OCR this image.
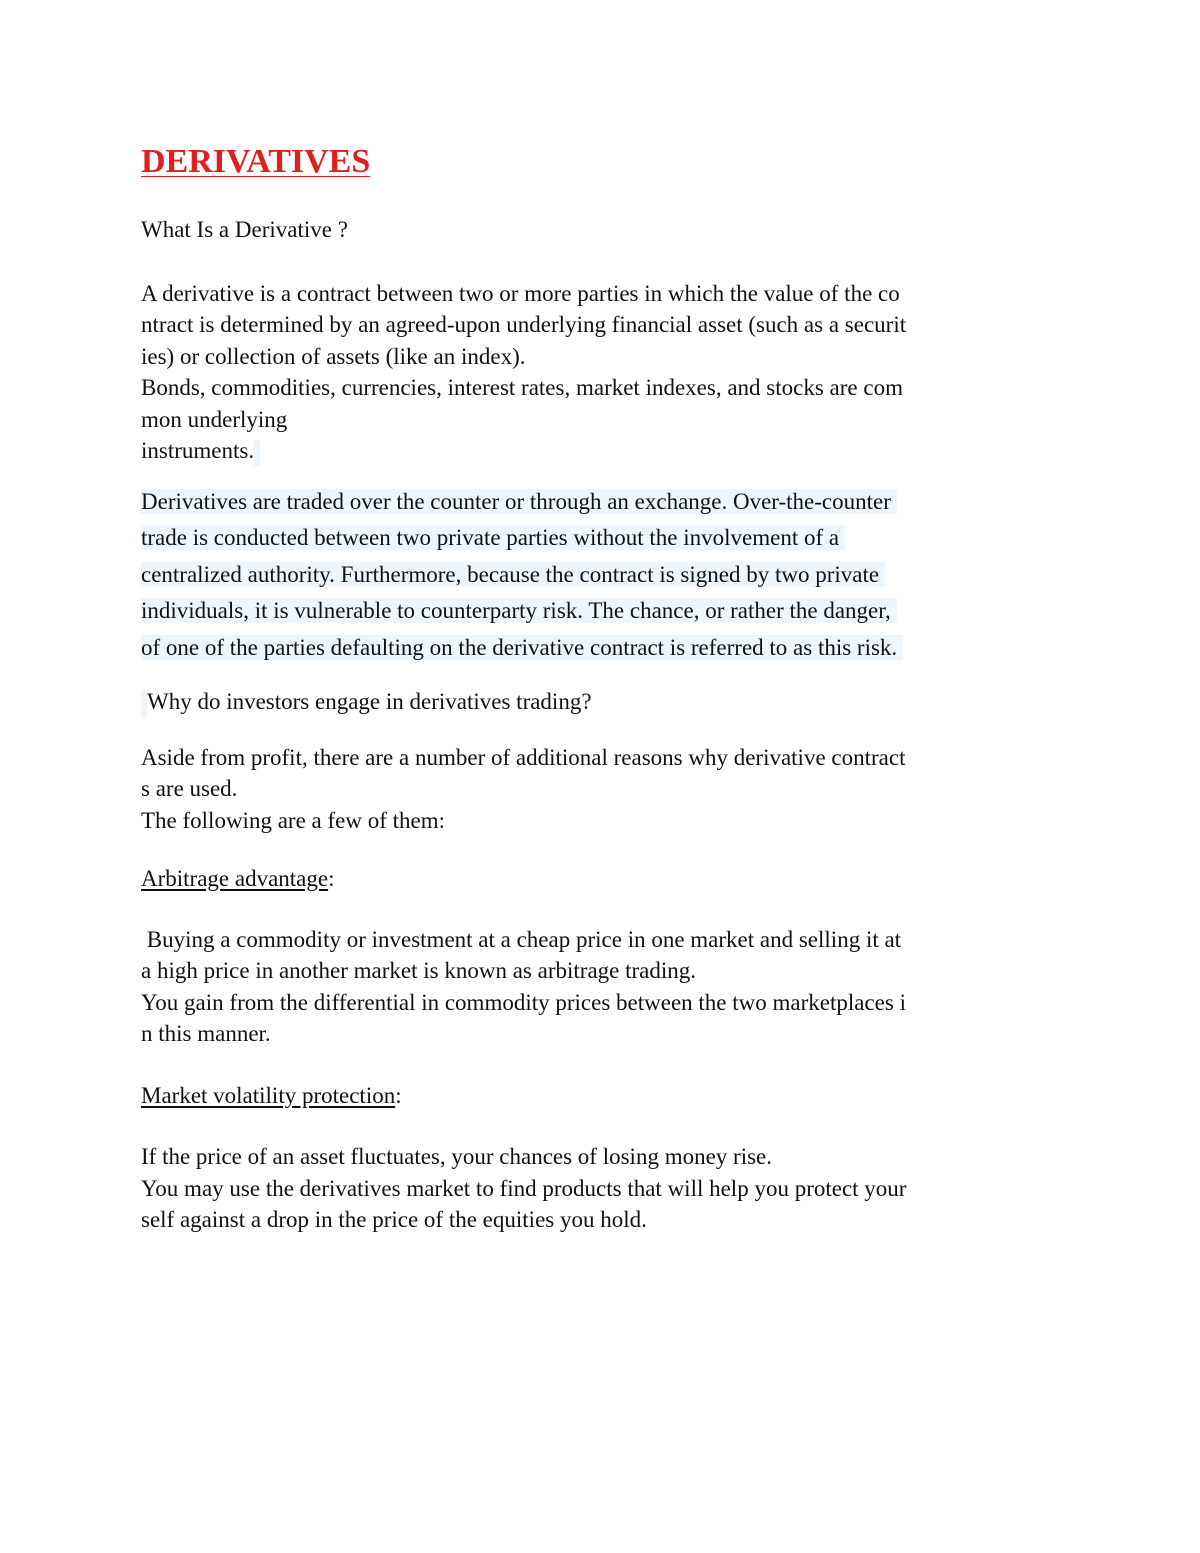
DERIVATIVES

What Is a Derivative ?

A derivative is a contract between two or more parties in which the value of the co

ntract is determined by an agreed-upon underlying financial asset (such as a securit

ies) or collection of assets (like an index).

Bonds, commodities, currencies, interest rates, market indexes, and stocks are com

mon underlying

instruments.

Derivatives are traded over the counter or through an exchange. Over-the-counter

trade is conducted between two private parties without the involvement of a

centralized authority. Furthermore, because the contract is signed by two private

individuals, it is vulnerable to counterparty risk. The chance, or rather the danger,

of one of the parties defaulting on the derivative contract is referred to as this risk.

Why do investors engage in derivatives trading?

Aside from profit, there are a number of additional reasons why derivative contract

s are used.

The following are a few of them:

Arbitrage advantage:

Buying a commodity or investment at a cheap price in one market and selling it at

a high price in another market is known as arbitrage trading.

You gain from the differential in commodity prices between the two marketplaces i

n this manner.

Market volatility protection:

If the price of an asset fluctuates, your chances of losing money rise.

You may use the derivatives market to find products that will help you protect your

self against a drop in the price of the equities you hold.
